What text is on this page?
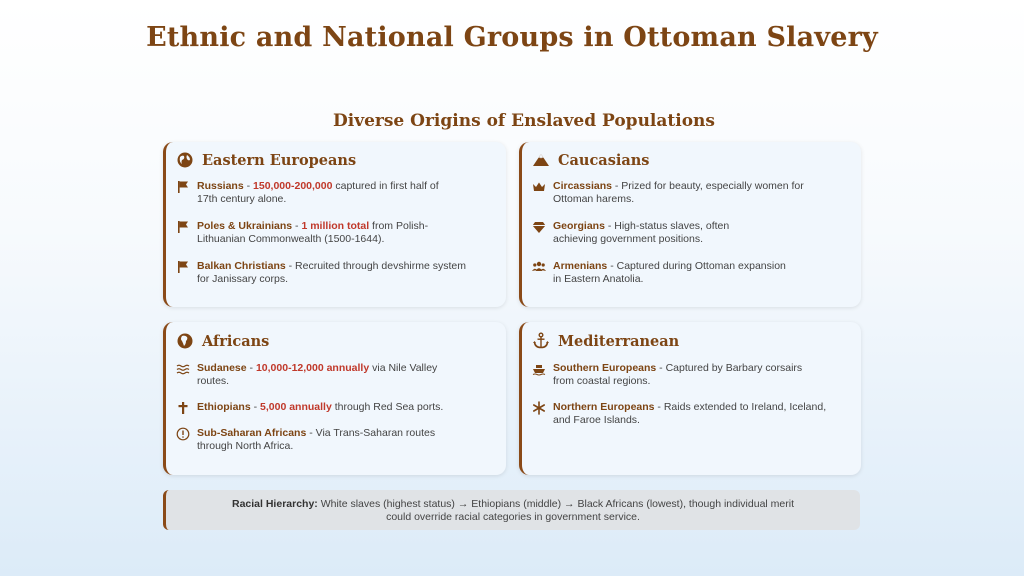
Ethnic and National Groups in Ottoman Slavery
Diverse Origins of Enslaved Populations
Eastern Europeans
Russians - 150,000-200,000 captured in first half of
17th century alone.
Poles & Ukrainians - 1 million total from Polish-
Lithuanian Commonwealth (1500-1644).
Balkan Christians - Recruited through devshirme system
for Janissary corps.
Caucasians
Circassians - Prized for beauty, especially women for
Ottoman harems.
Georgians - High-status slaves, often
achieving government positions.
Armenians - Captured during Ottoman expansion
in Eastern Anatolia.
Africans
Sudanese - 10,000-12,000 annually via Nile Valley
routes.
Ethiopians - 5,000 annually through Red Sea ports.
Sub-Saharan Africans - Via Trans-Saharan routes
through North Africa.
Mediterranean
Southern Europeans - Captured by Barbary corsairs
from coastal regions.
Northern Europeans - Raids extended to Ireland, Iceland,
and Faroe Islands.
Racial Hierarchy: White slaves (highest status) → Ethiopians (middle) → Black Africans (lowest), though individual merit
could override racial categories in government service.
